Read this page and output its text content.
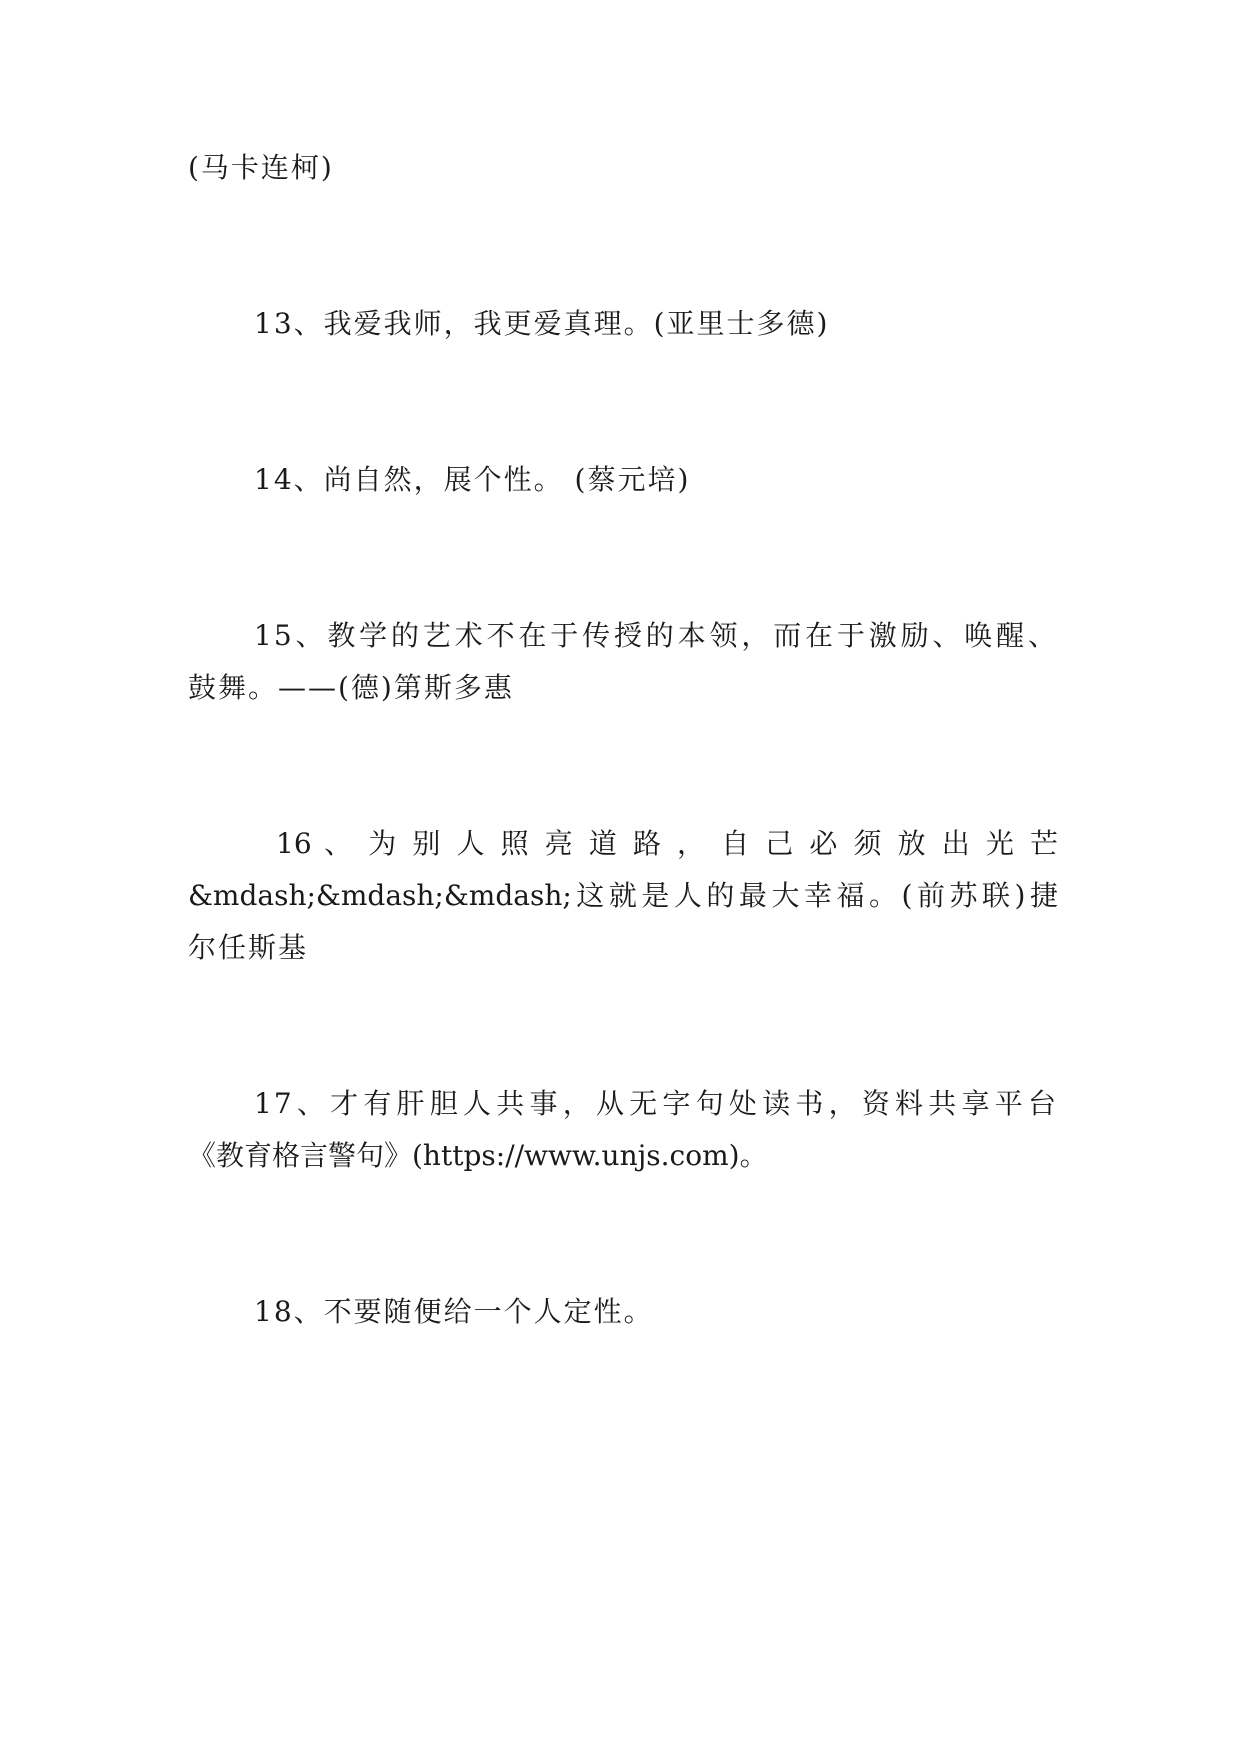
(马卡连柯)
13、我爱我师，我更爱真理。(亚里士多德)
14、尚自然，展个性。 (蔡元培)
15、教学的艺术不在于传授的本领，而在于激励、唤醒、
鼓舞。——(德)第斯多惠
16 、 为 别 人 照 亮 道 路 ， 自 己 必 须 放 出 光 芒
&mdash;&mdash;&mdash;这就是人的最大幸福。(前苏联)捷
尔任斯基
17、才有肝胆人共事，从无字句处读书，资料共享平台
《教育格言警句》(https://www.unjs.com)。
18、不要随便给一个人定性。
